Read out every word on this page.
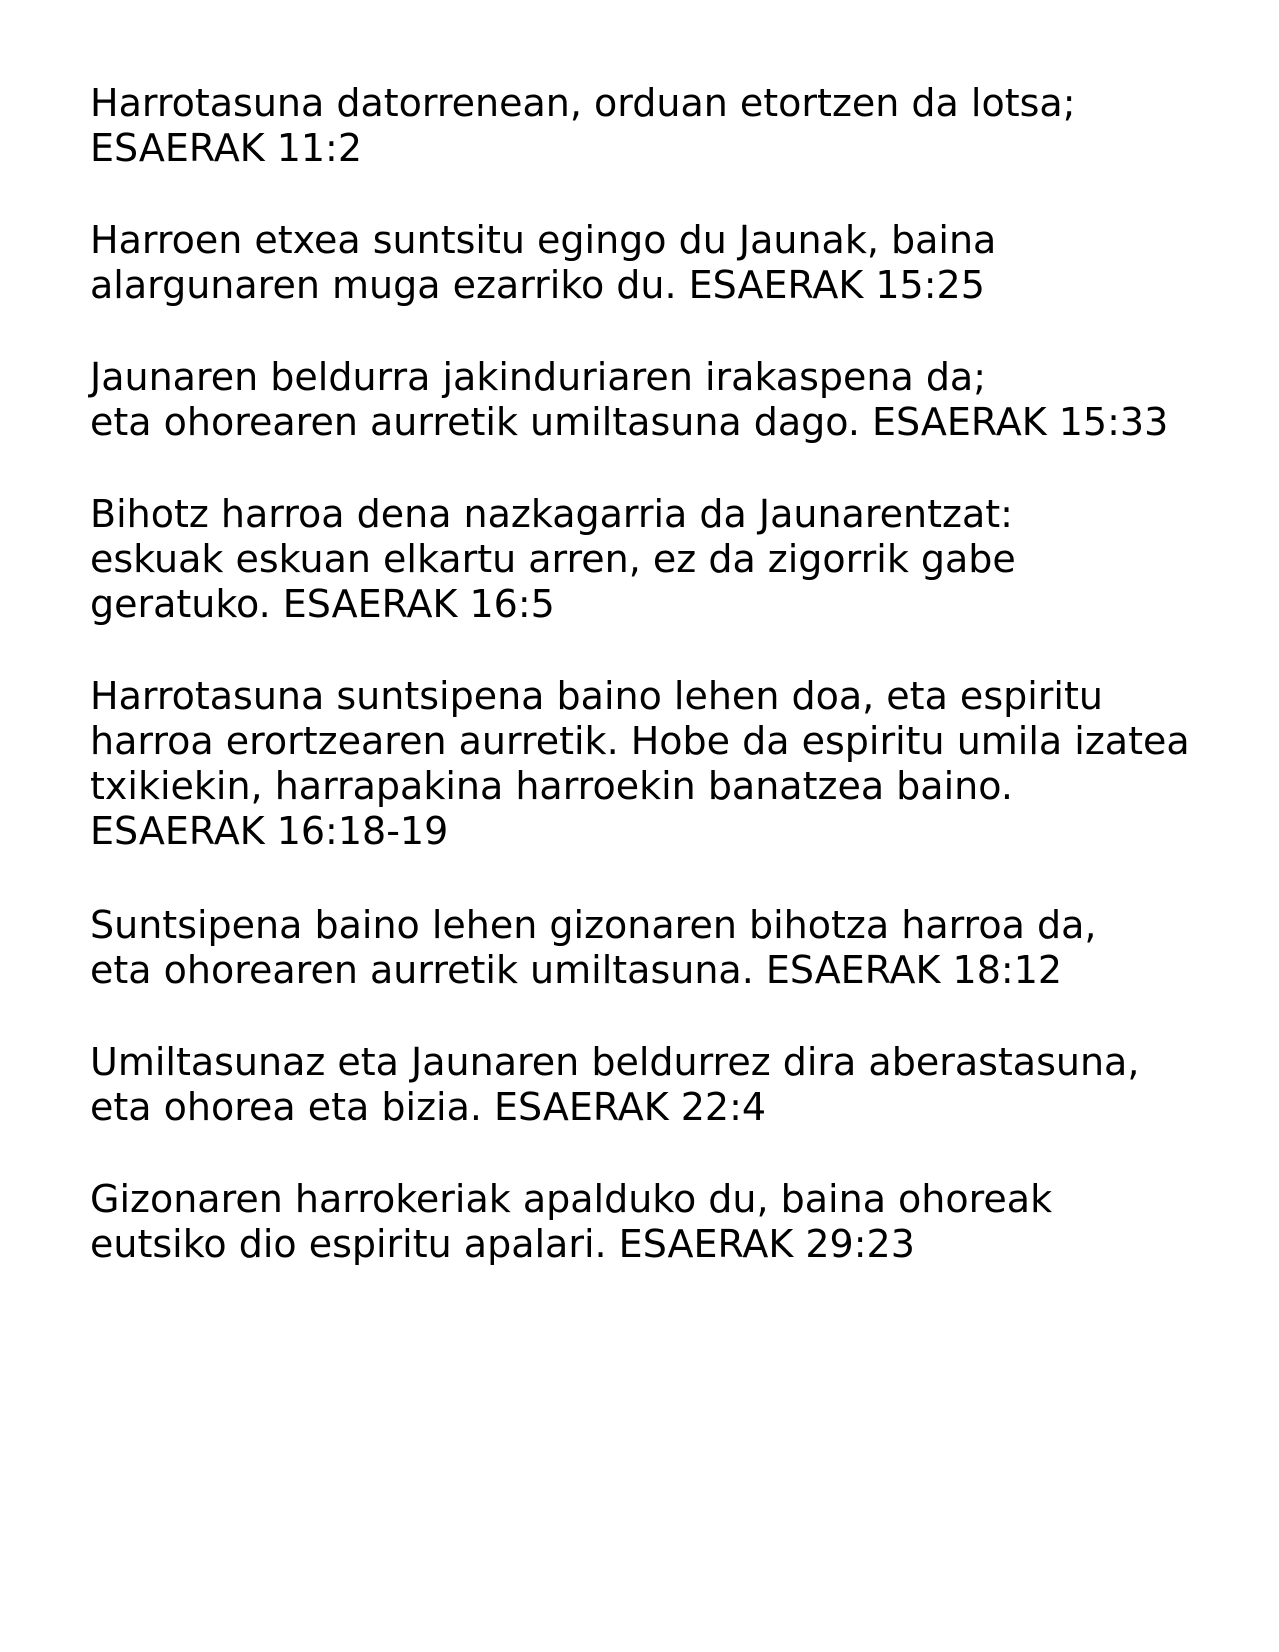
Harrotasuna datorrenean, orduan etortzen da lotsa;
ESAERAK 11:2

Harroen etxea suntsitu egingo du Jaunak, baina
alargunaren muga ezarriko du. ESAERAK 15:25

Jaunaren beldurra jakinduriaren irakaspena da;
eta ohorearen aurretik umiltasuna dago. ESAERAK 15:33

Bihotz harroa dena nazkagarria da Jaunarentzat:
eskuak eskuan elkartu arren, ez da zigorrik gabe
geratuko. ESAERAK 16:5

Harrotasuna suntsipena baino lehen doa, eta espiritu
harroa erortzearen aurretik. Hobe da espiritu umila izatea
txikiekin, harrapakina harroekin banatzea baino.
ESAERAK 16:18-19

Suntsipena baino lehen gizonaren bihotza harroa da,
eta ohorearen aurretik umiltasuna. ESAERAK 18:12

Umiltasunaz eta Jaunaren beldurrez dira aberastasuna,
eta ohorea eta bizia. ESAERAK 22:4

Gizonaren harrokeriak apalduko du, baina ohoreak
eutsiko dio espiritu apalari. ESAERAK 29:23
